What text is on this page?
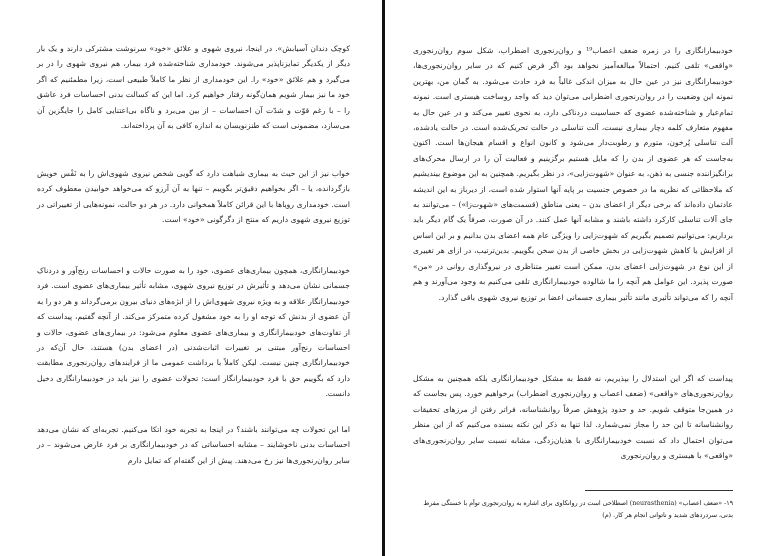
کوچک دندان آسیابش». در اینجا، نیروی شهوی و علائق «خود» سرنوشت مشترکی دارند و یک بار دیگر از یکدیگر تمایزناپذیر می‌شوند. خودمداری شناخته‌شده فرد بیمار، هم نیروی شهوی را در بر می‌گیرد و هم علائق «خود» را. این خودمداری از نظر ما کاملاً طبیعی است، زیرا مطمئنیم که اگر خود ما نیز بیمار شویم همان‌گونه رفتار خواهیم کرد. اما این که کسالت بدنی احساسات فرد عاشق را – با رغم قوّت و شدّت آن احساسات – از بین می‌برد و ناگاه بی‌اعتنایی کامل را جایگزین آن می‌سازد، مضمونی است که طنزنویسان به اندازه کافی به آن پرداخته‌اند.

خواب نیز از این حیث به بیماری شباهت دارد که گویی شخص نیروی شهوی‌اش را به نَفْس خویش بازگردانده، یا – اگر بخواهیم دقیق‌تر بگوییم – تنها به آن آرزو که می‌خواهد خوابیدن معطوف کرده است. خودمداری رویاها با این قرائن کاملاً همخوانی دارد. در هر دو حالت، نمونه‌هایی از تغییراتی در توزیع نیروی شهوی داریم که منتج از دگرگونی «خود» است.

خودبیمارانگاری، همچون بیماری‌های عضوی، خود را به صورت حالات و احساسات رنج‌آور و دردناک جسمانی نشان می‌دهد و تأثیرش در توزیع نیروی شهوی، مشابه تأثیر بیماری‌های عضوی است. فرد خودبیمارانگار علاقه و به ویژه نیروی شهوی‌اش را از ابژه‌های دنیای بیرون برمی‌گرداند و هر دو را به آن عضوی از بدنش که توجه او را به خود مشغول کرده متمرکز می‌کند. از آنچه گفتیم، پیداست که از تفاوت‌های خودبیمارانگاری و بیماری‌های عضوی معلوم می‌شود: در بیماری‌های عضوی، حالات و احساسات رنج‌آور مبتنی بر تغییرات اثبات‌شدنی (در اعضای بدن) هستند، حال آن‌که در خودبیمارانگاری چنین نیست. لیکن کاملاً با برداشت عمومی ما از فرایندهای روان‌رنجوری مطابقت دارد که بگوییم حق با فرد خودبیمارانگار است: تحولات عضوی را نیز باید در خودبیمارانگاری دخیل دانست.

اما این تحولات چه می‌توانند باشند؟ در اینجا به تجربه خود اتکا می‌کنیم. تجربه‌ای که نشان می‌دهد احساسات بدنی ناخوشایند – مشابه احساساتی که در خودبیمارانگاری بر فرد عارض می‌شوند – در سایر روان‌رنجوری‌ها نیز رخ می‌دهند. پیش از این گفته‌ام که تمایل دارم

خودبیمارانگاری را در زمره ضعف اعصاب¹⁹ و روان‌رنجوری اضطراب، شکل سوم روان‌رنجوری «واقعی» تلقی کنیم. احتمالاً مبالغه‌آمیز نخواهد بود اگر فرض کنیم که در سایر روان‌رنجوری‌ها، خودبیمارانگاری نیز در عین حال به میزان اندکی غالباً به فرد حادث می‌شود. به گمان من، بهترین نمونه این وضعیت را در روان‌رنجوری اضطرابی می‌توان دید که واجد روساخت هیستری است. نمونه تمام‌عیار و شناخته‌شده عضوی که حساسیت دردناکی دارد، به نحوی تغییر می‌کند و در عین حال به مفهوم متعارف کلمه دچار بیماری نیست، آلت تناسلی در حالت تحریک‌شده است. در حالت یادشده، آلت تناسلی پُرخون، متورم و رطوبت‌دار می‌شود و کانون انواع و اقسام هیجان‌ها است. اکنون به‌جاست که هر عضوی از بدن را که مایل هستیم برگزینیم و فعالیت آن را در ارسال محرک‌های برانگیزاننده جنسی به ذهن، به عنوان «شهوت‌زایی»، در نظر بگیریم. همچنین به این موضوع بیندیشیم که ملاحظاتی که نظریه ما در خصوص جنسیت بر پایه آنها استوار شده است، از دیرباز به این اندیشه عادتمان داده‌اند که برخی دیگر از اعضای بدن – یعنی مناطق (قسمت‌های «شهوت‌زا») – می‌توانند به جای آلات تناسلی کارکرد داشته باشند و مشابه آنها عمل کنند. در آن صورت، صرفاً یک گام دیگر باید برداریم: می‌توانیم تصمیم بگیریم که شهوت‌زایی را ویژگی عام همه اعضای بدن بدانیم و بر این اساس از افزایش یا کاهش شهوت‌زایی در بخش خاصی از بدن سخن بگوییم. بدین‌ترتیب، در ازای هر تغییری از این نوع در شهوت‌زایی اعضای بدن، ممکن است تغییر متناظری در نیروگذاری روانی در «من» صورت پذیرد. این عوامل هم آنچه را ما شالوده خودبیمارانگاری تلقی می‌کنیم به وجود می‌آورند و هم آنچه را که می‌تواند تأثیری مانند تأثیر بیماری جسمانی اعضا بر توزیع نیروی شهوی باقی گذارد.

پیداست که اگر این استدلال را بپذیریم، نه فقط به مشکل خودبیمارانگاری بلکه همچنین به مشکل روان‌رنجوری‌های «واقعی» (ضعف اعصاب و روان‌رنجوری اضطراب) برخواهیم خورد. پس بجاست که در همین‌جا متوقف شویم. حد و حدود پژوهش صرفاً روانشناسانه، فراتر رفتن از مرزهای تحقیقات روانشناسانه تا این حد را مجاز نمی‌شمارد. لذا تنها به ذکر این نکته بسنده می‌کنیم که از این منظر می‌توان احتمال داد که نسبت خودبیمارانگاری با هذیان‌زدگی، مشابه نسبت سایر روان‌رنجوری‌های «واقعی» با هیستری و روان‌رنجوری

۱۹- «ضعف اعصاب» (neurasthenia) اصطلاحی است در روانکاوی برای اشاره به روان‌رنجوری توأم با خستگی مفرط بدنی، سردردهای شدید و ناتوانی انجام هر کار. (م)
